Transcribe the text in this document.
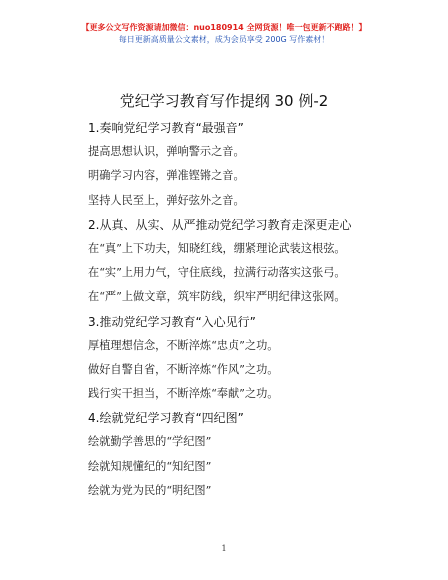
【更多公文写作资源请加微信：nuo180914 全网货源！唯一包更新不跑路！】
每日更新高质量公文素材，成为会员享受 200G 写作素材！
党纪学习教育写作提纲 30 例-2
1.奏响党纪学习教育“最强音”
提高思想认识，弹响警示之音。
明确学习内容，弹准铿锵之音。
坚持人民至上，弹好弦外之音。
2.从真、从实、从严推动党纪学习教育走深更走心
在“真”上下功夫，知晓红线，绷紧理论武装这根弦。
在“实”上用力气，守住底线，拉满行动落实这张弓。
在“严”上做文章，筑牢防线，织牢严明纪律这张网。
3.推动党纪学习教育“入心见行”
厚植理想信念，不断淬炼“忠贞”之功。
做好自警自省，不断淬炼“作风”之功。
践行实干担当，不断淬炼“奉献”之功。
4.绘就党纪学习教育“四纪图”
绘就勤学善思的“学纪图”
绘就知规懂纪的“知纪图”
绘就为党为民的“明纪图”
1
